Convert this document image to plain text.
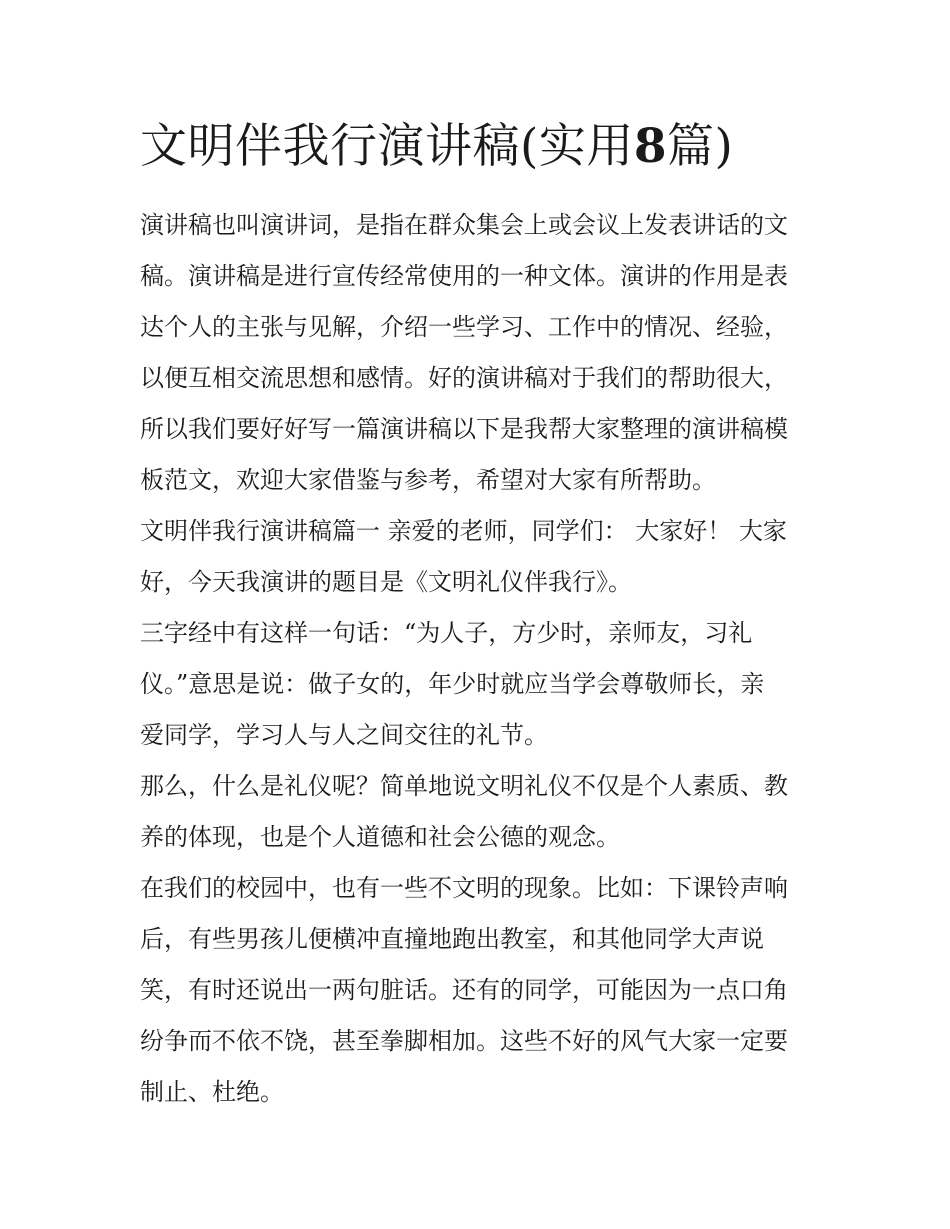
文明伴我行演讲稿(实用8篇)

演讲稿也叫演讲词，是指在群众集会上或会议上发表讲话的文
稿。演讲稿是进行宣传经常使用的一种文体。演讲的作用是表
达个人的主张与见解，介绍一些学习、工作中的情况、经验，
以便互相交流思想和感情。好的演讲稿对于我们的帮助很大，
所以我们要好好写一篇演讲稿以下是我帮大家整理的演讲稿模
板范文，欢迎大家借鉴与参考，希望对大家有所帮助。

文明伴我行演讲稿篇一 亲爱的老师，同学们： 大家好！ 大家
好，今天我演讲的题目是《文明礼仪伴我行》。

三字经中有这样一句话：“为人子，方少时，亲师友，习礼
仪。”意思是说：做子女的，年少时就应当学会尊敬师长，亲
爱同学，学习人与人之间交往的礼节。

那么，什么是礼仪呢？简单地说文明礼仪不仅是个人素质、教
养的体现，也是个人道德和社会公德的观念。

在我们的校园中，也有一些不文明的现象。比如：下课铃声响
后，有些男孩儿便横冲直撞地跑出教室，和其他同学大声说
笑，有时还说出一两句脏话。还有的同学，可能因为一点口角
纷争而不依不饶，甚至拳脚相加。这些不好的风气大家一定要
制止、杜绝。
